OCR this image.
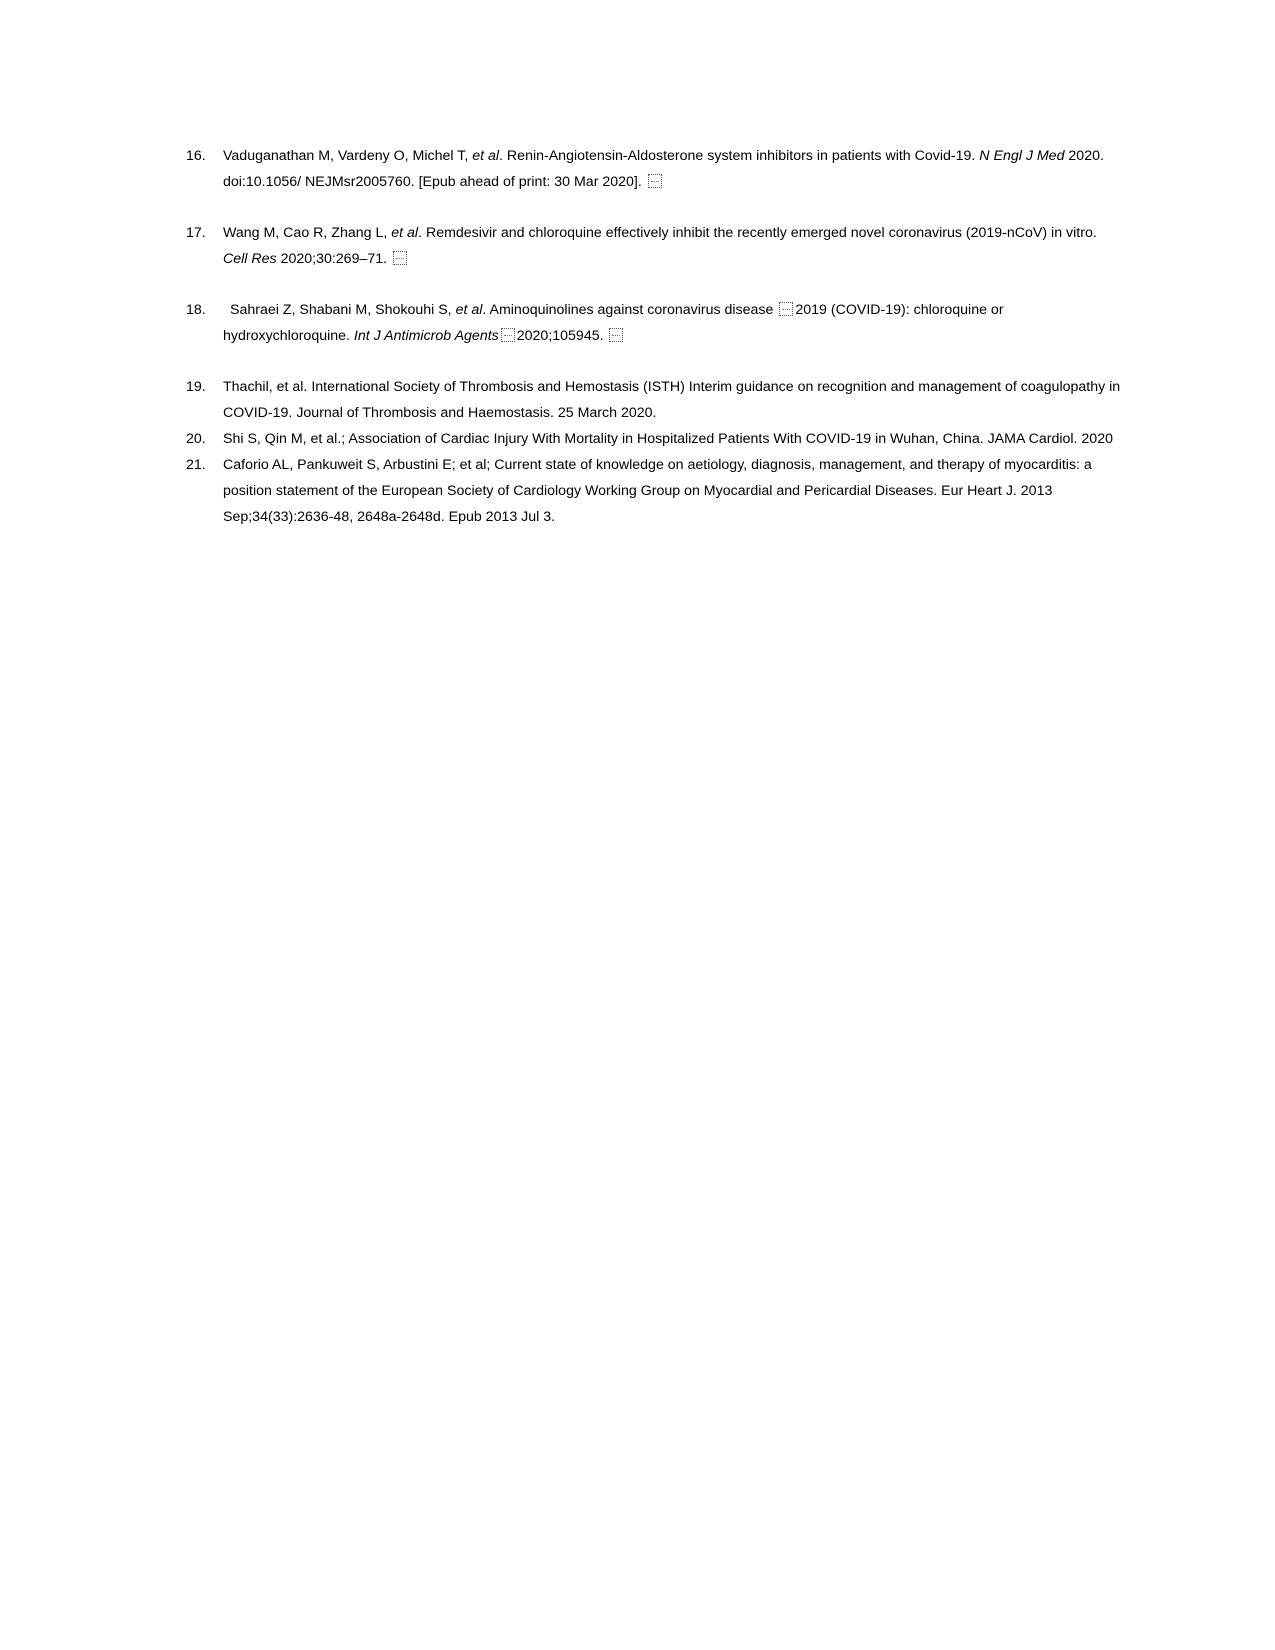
16. Vaduganathan M, Vardeny O, Michel T, et al. Renin-Angiotensin-Aldosterone system inhibitors in patients with Covid-19. N Engl J Med 2020. doi:10.1056/ NEJMsr2005760. [Epub ahead of print: 30 Mar 2020].
17. Wang M, Cao R, Zhang L, et al. Remdesivir and chloroquine effectively inhibit the recently emerged novel coronavirus (2019-nCoV) in vitro. Cell Res 2020;30:269–71.
18.	Sahraei Z, Shabani M, Shokouhi S, et al. Aminoquinolines against coronavirus disease 2019 (COVID-19): chloroquine or hydroxychloroquine. Int J Antimicrob Agents 2020;105945.
19. Thachil, et al. International Society of Thrombosis and Hemostasis (ISTH) Interim guidance on recognition and management of coagulopathy in COVID-19. Journal of Thrombosis and Haemostasis. 25 March 2020.
20. Shi S, Qin M, et al.; Association of Cardiac Injury With Mortality in Hospitalized Patients With COVID-19 in Wuhan, China. JAMA Cardiol. 2020
21. Caforio AL, Pankuweit S, Arbustini E; et al; Current state of knowledge on aetiology, diagnosis, management, and therapy of myocarditis: a position statement of the European Society of Cardiology Working Group on Myocardial and Pericardial Diseases. Eur Heart J. 2013 Sep;34(33):2636-48, 2648a-2648d. Epub 2013 Jul 3.
